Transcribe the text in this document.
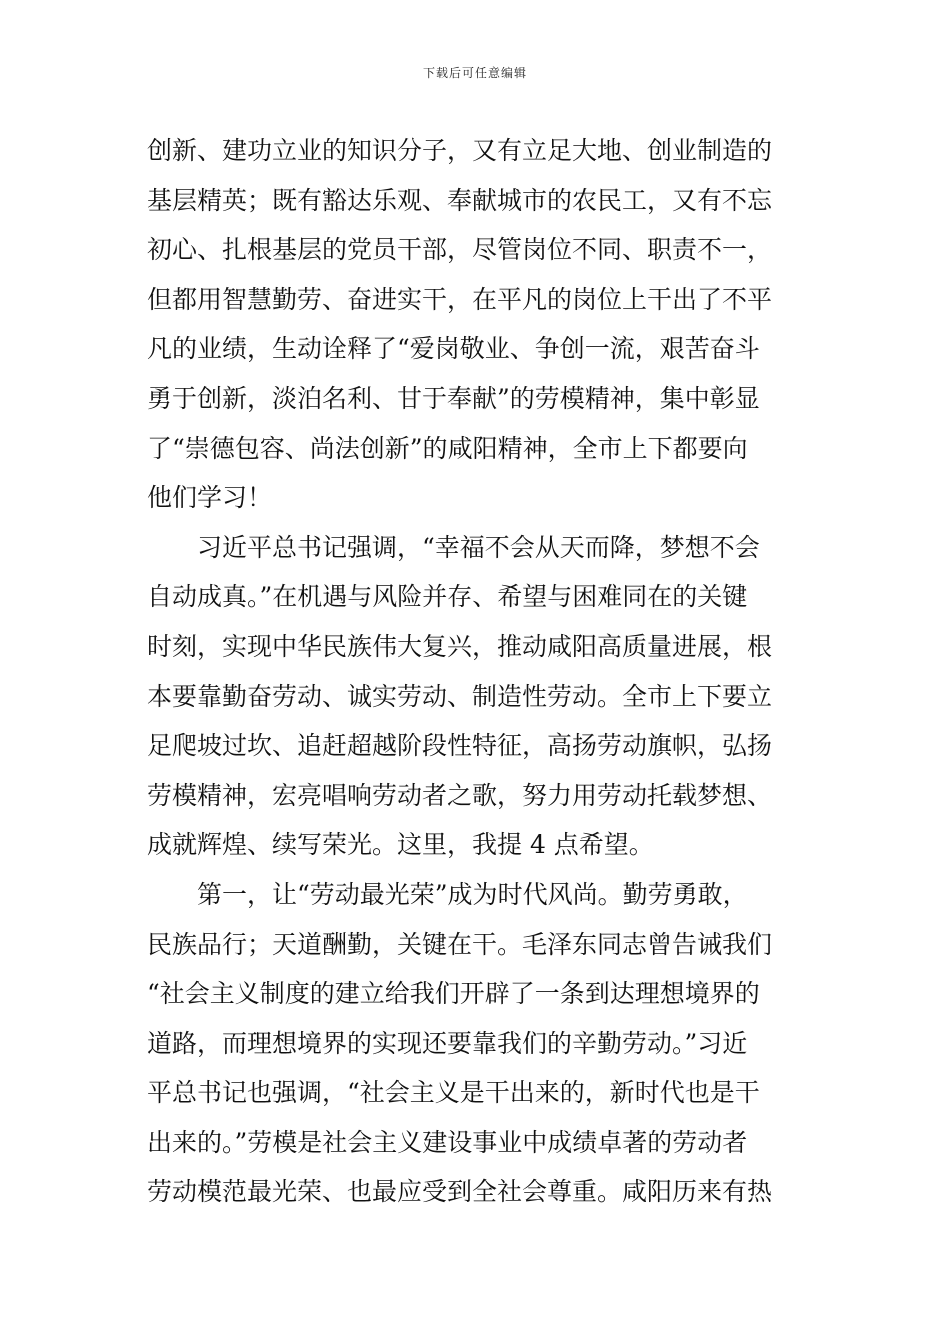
下载后可任意编辑
创新、建功立业的知识分子，又有立足大地、创业制造的
基层精英；既有豁达乐观、奉献城市的农民工，又有不忘
初心、扎根基层的党员干部，尽管岗位不同、职责不一，
但都用智慧勤劳、奋进实干，在平凡的岗位上干出了不平
凡的业绩，生动诠释了“爱岗敬业、争创一流，艰苦奋斗
勇于创新，淡泊名利、甘于奉献”的劳模精神，集中彰显
了“崇德包容、尚法创新”的咸阳精神，全市上下都要向
他们学习！
习近平总书记强调，“幸福不会从天而降，梦想不会
自动成真。”在机遇与风险并存、希望与困难同在的关键
时刻，实现中华民族伟大复兴，推动咸阳高质量进展，根
本要靠勤奋劳动、诚实劳动、制造性劳动。全市上下要立
足爬坡过坎、追赶超越阶段性特征，高扬劳动旗帜，弘扬
劳模精神，宏亮唱响劳动者之歌，努力用劳动托载梦想、
成就辉煌、续写荣光。这里，我提 4 点希望。
第一，让“劳动最光荣”成为时代风尚。勤劳勇敢，
民族品行；天道酬勤，关键在干。毛泽东同志曾告诫我们
“社会主义制度的建立给我们开辟了一条到达理想境界的
道路，而理想境界的实现还要靠我们的辛勤劳动。”习近
平总书记也强调，“社会主义是干出来的，新时代也是干
出来的。”劳模是社会主义建设事业中成绩卓著的劳动者
劳动模范最光荣、也最应受到全社会尊重。咸阳历来有热
